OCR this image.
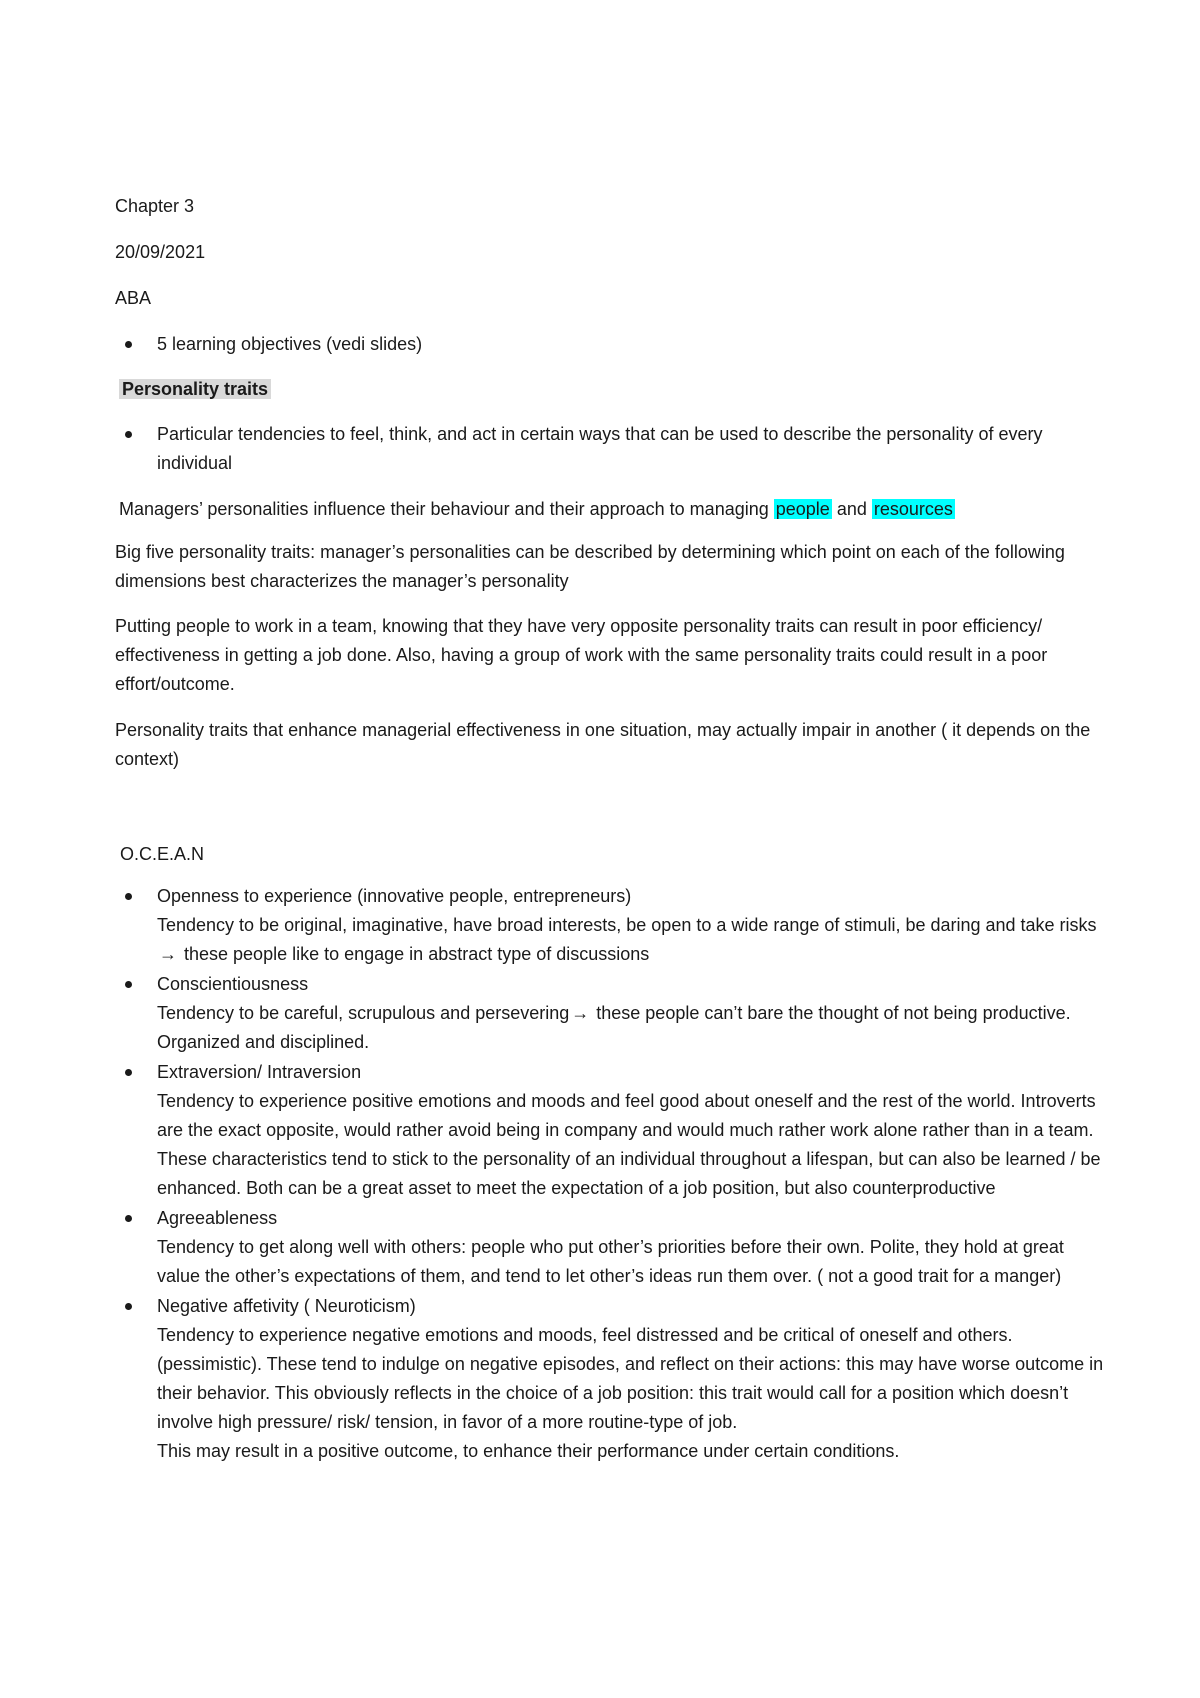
Chapter 3
20/09/2021
ABA
5 learning objectives (vedi slides)
Personality traits
Particular tendencies to feel, think, and act in certain ways that can be used to describe the personality of every individual
Managers’ personalities influence their behaviour and their approach to managing people and resources
Big five personality traits: manager’s personalities can be described by determining which point on each of the following dimensions best characterizes the manager’s personality
Putting people to work in a team, knowing that they have very opposite personality traits can result in poor efficiency/ effectiveness in getting a job done. Also, having a group of work with the same personality traits could result in a poor effort/outcome.
Personality traits that enhance managerial effectiveness in one situation, may actually impair in another ( it depends on the context)
O.C.E.A.N
Openness to experience (innovative people, entrepreneurs)
Tendency to be original, imaginative, have broad interests, be open to a wide range of stimuli, be daring and take risks→ these people like to engage in abstract type of discussions
Conscientiousness
Tendency to be careful, scrupulous and persevering → these people can’t bare the thought of not being productive. Organized and disciplined.
Extraversion/ Intraversion
Tendency to experience positive emotions and moods and feel good about oneself and the rest of the world. Introverts are the exact opposite, would rather avoid being in company and would much rather work alone rather than in a team. These characteristics tend to stick to the personality of an individual throughout a lifespan, but can also be learned / be enhanced. Both can be a great asset to meet the expectation of a job position, but also counterproductive
Agreeableness
Tendency to get along well with others: people who put other’s priorities before their own. Polite, they hold at great value the other’s expectations of them, and tend to let other’s ideas run them over. ( not a good trait for a manger)
Negative affetivity ( Neuroticism)
Tendency to experience negative emotions and moods, feel distressed and be critical of oneself and others. (pessimistic). These tend to indulge on negative episodes, and reflect on their actions: this may have worse outcome in their behavior. This obviously reflects in the choice of a job position: this trait would call for a position which doesn’t involve high pressure/ risk/ tension, in favor of a more routine-type of job.
This may result in a positive outcome, to enhance their performance under certain conditions.
